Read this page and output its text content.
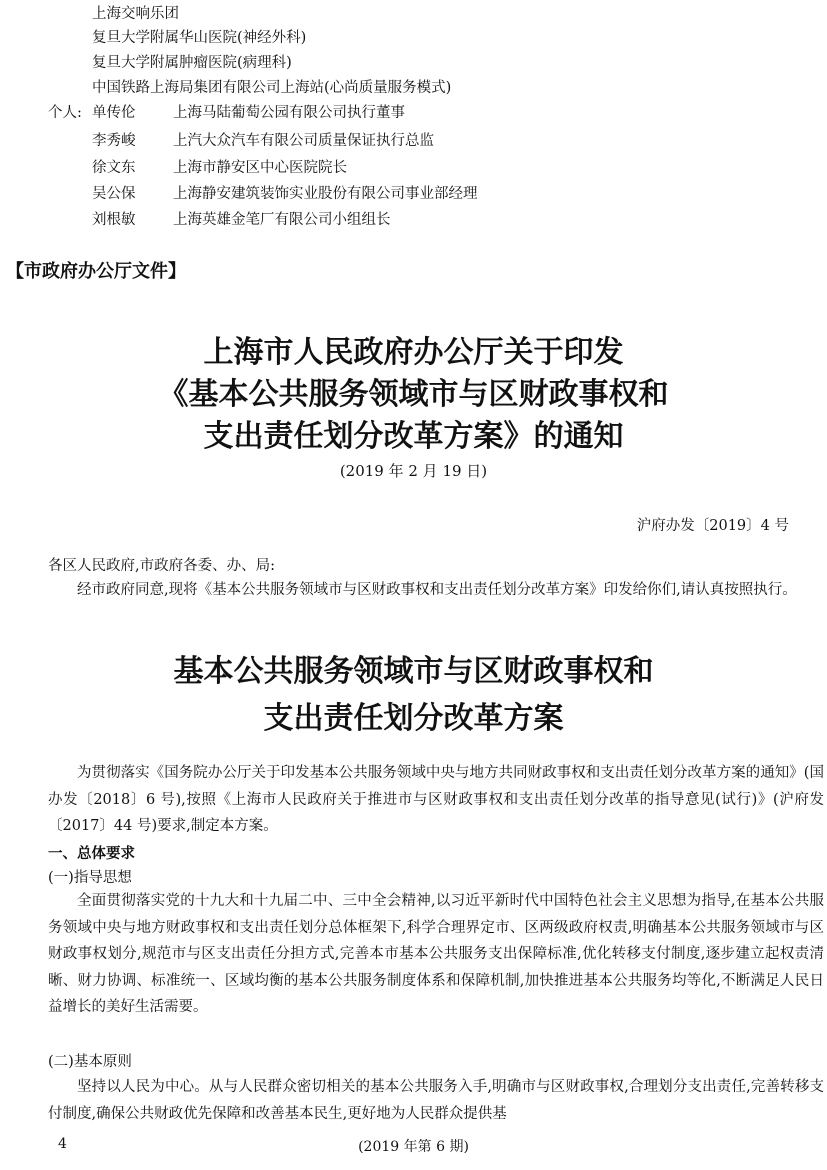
上海交响乐团
复旦大学附属华山医院(神经外科)
复旦大学附属肿瘤医院(病理科)
中国铁路上海局集团有限公司上海站(心尚质量服务模式)
个人: 单传伦	上海马陆葡萄公园有限公司执行董事
李秀峻	上汽大众汽车有限公司质量保证执行总监
徐文东	上海市静安区中心医院院长
吴公保	上海静安建筑装饰实业股份有限公司事业部经理
刘根敏	上海英雄金笔厂有限公司小组组长
【市政府办公厅文件】
上海市人民政府办公厅关于印发
《基本公共服务领域市与区财政事权和
支出责任划分改革方案》的通知
(2019 年 2 月 19 日)
沪府办发〔2019〕4 号
各区人民政府,市政府各委、办、局:
经市政府同意,现将《基本公共服务领域市与区财政事权和支出责任划分改革方案》印发给你们,请认真按照执行。
基本公共服务领域市与区财政事权和
支出责任划分改革方案
为贯彻落实《国务院办公厅关于印发基本公共服务领域中央与地方共同财政事权和支出责任划分改革方案的通知》(国办发〔2018〕6 号),按照《上海市人民政府关于推进市与区财政事权和支出责任划分改革的指导意见(试行)》(沪府发〔2017〕44 号)要求,制定本方案。
一、总体要求
(一)指导思想
全面贯彻落实党的十九大和十九届二中、三中全会精神,以习近平新时代中国特色社会主义思想为指导,在基本公共服务领域中央与地方财政事权和支出责任划分总体框架下,科学合理界定市、区两级政府权责,明确基本公共服务领域市与区财政事权划分,规范市与区支出责任分担方式,完善本市基本公共服务支出保障标准,优化转移支付制度,逐步建立起权责清晰、财力协调、标准统一、区域均衡的基本公共服务制度体系和保障机制,加快推进基本公共服务均等化,不断满足人民日益增长的美好生活需要。
(二)基本原则
坚持以人民为中心。从与人民群众密切相关的基本公共服务入手,明确市与区财政事权,合理划分支出责任,完善转移支付制度,确保公共财政优先保障和改善基本民生,更好地为人民群众提供基
4	(2019 年第 6 期)
